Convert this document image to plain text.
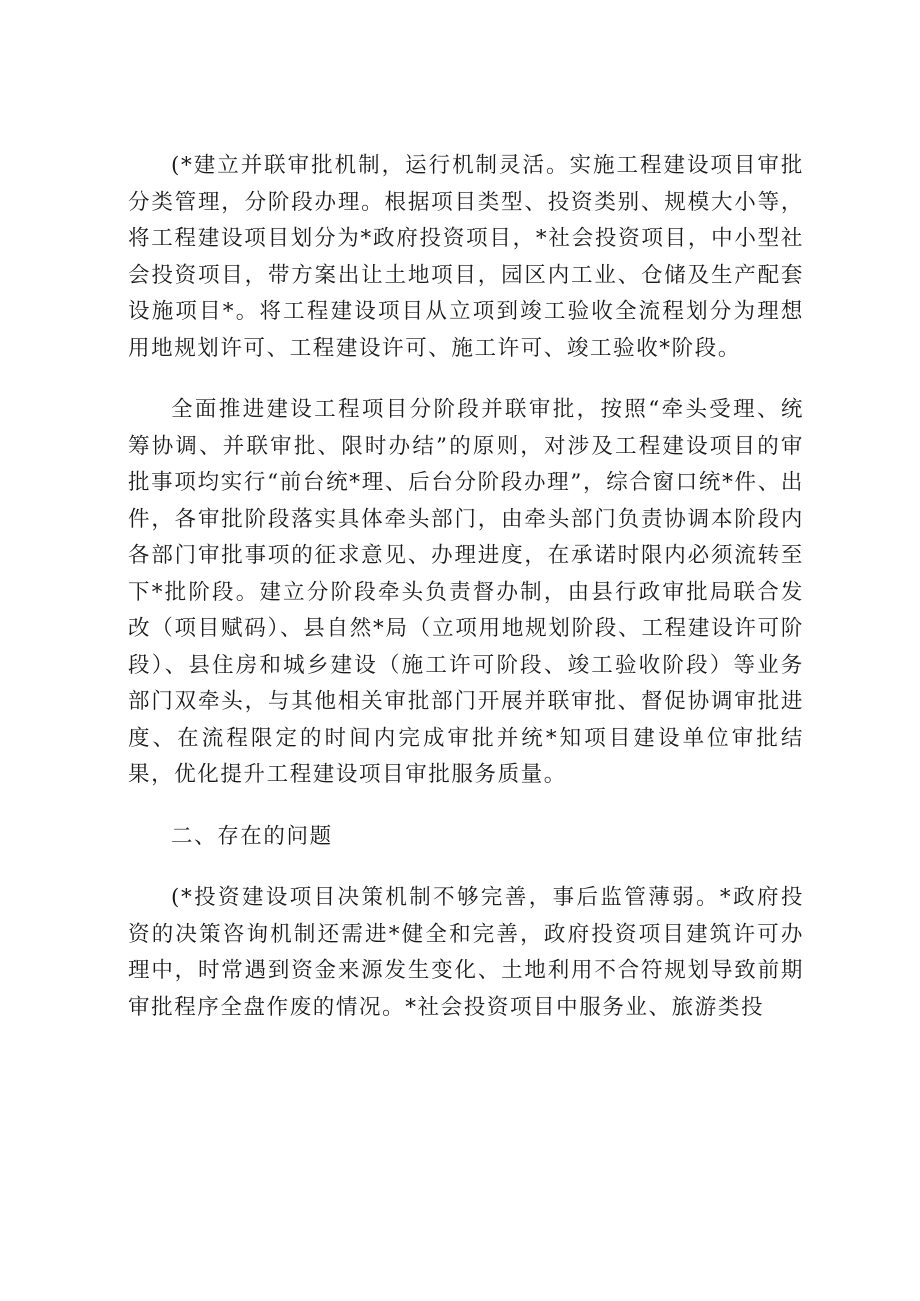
(*建立并联审批机制，运行机制灵活。实施工程建设项目审批分类管理，分阶段办理。根据项目类型、投资类别、规模大小等，将工程建设项目划分为*政府投资项目，*社会投资项目，中小型社会投资项目，带方案出让土地项目，园区内工业、仓储及生产配套设施项目*。将工程建设项目从立项到竣工验收全流程划分为理想用地规划许可、工程建设许可、施工许可、竣工验收*阶段。

全面推进建设工程项目分阶段并联审批，按照“牵头受理、统筹协调、并联审批、限时办结”的原则，对涉及工程建设项目的审批事项均实行“前台统*理、后台分阶段办理”，综合窗口统*件、出件，各审批阶段落实具体牵头部门，由牵头部门负责协调本阶段内各部门审批事项的征求意见、办理进度，在承诺时限内必须流转至下*批阶段。建立分阶段牵头负责督办制，由县行政审批局联合发改（项目赋码）、县自然*局（立项用地规划阶段、工程建设许可阶段）、县住房和城乡建设（施工许可阶段、竣工验收阶段）等业务部门双牵头，与其他相关审批部门开展并联审批、督促协调审批进度、在流程限定的时间内完成审批并统*知项目建设单位审批结果，优化提升工程建设项目审批服务质量。

二、存在的问题

(*投资建设项目决策机制不够完善，事后监管薄弱。*政府投资的决策咨询机制还需进*健全和完善，政府投资项目建筑许可办理中，时常遇到资金来源发生变化、土地利用不合符规划导致前期审批程序全盘作废的情况。*社会投资项目中服务业、旅游类投
